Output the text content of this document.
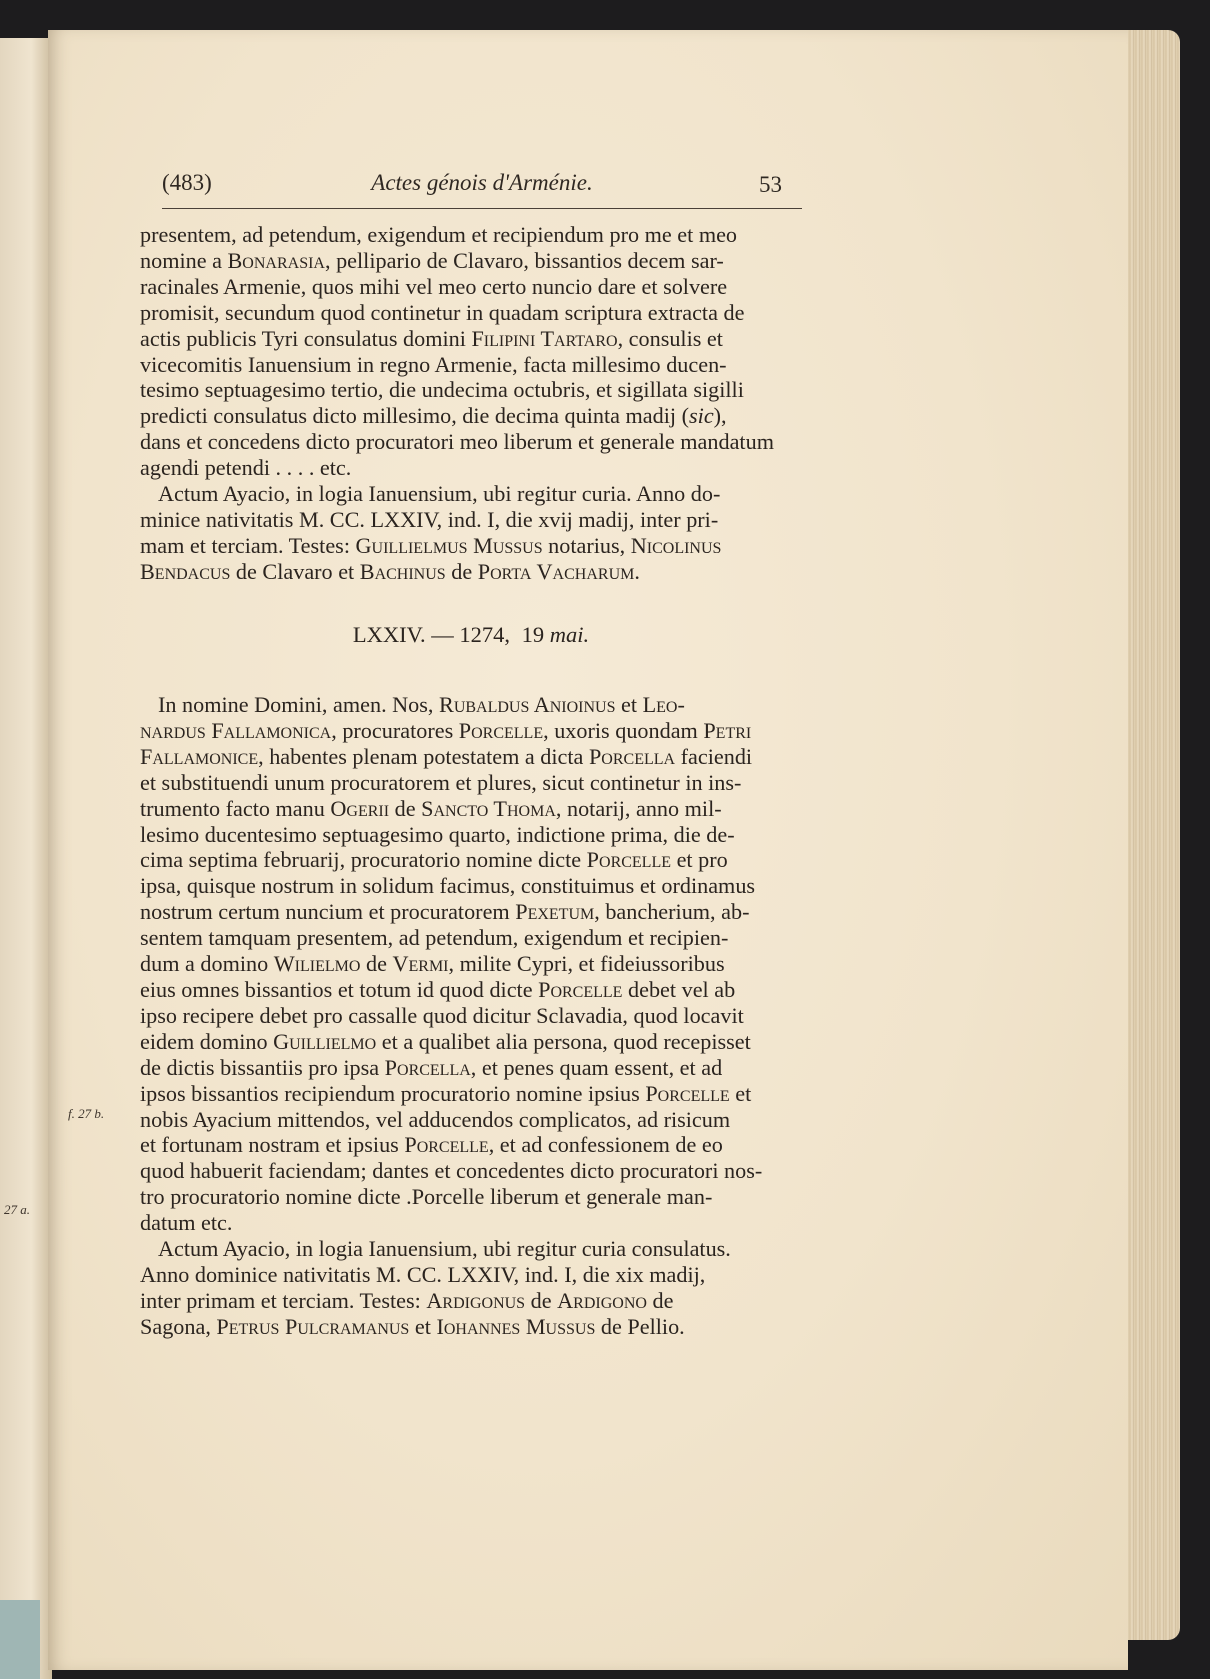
f. 27 b.
27 a.
(483)	Actes génois d'Arménie.	53

presentem, ad petendum, exigendum et recipiendum pro me et meo

nomine a Bonarasia, pellipario de Clavaro, bissantios decem sar-

racinales Armenie, quos mihi vel meo certo nuncio dare et solvere

promisit, secundum quod continetur in quadam scriptura extracta de

actis publicis Tyri consulatus domini Filipini Tartaro, consulis et

vicecomitis Ianuensium in regno Armenie, facta millesimo ducen-

tesimo septuagesimo tertio, die undecima octubris, et sigillata sigilli

predicti consulatus dicto millesimo, die decima quinta madij (sic),

dans et concedens dicto procuratori meo liberum et generale mandatum

agendi petendi . . . . etc.

Actum Ayacio, in logia Ianuensium, ubi regitur curia. Anno do-

minice nativitatis M. CC. LXXIV, ind. I, die xvij madij, inter pri-

mam et terciam. Testes: Guillielmus Mussus notarius, Nicolinus

Bendacus de Clavaro et Bachinus de Porta Vacharum.

LXXIV. — 1274, 19 mai.

In nomine Domini, amen. Nos, Rubaldus Anioinus et Leo-

nardus Fallamonica, procuratores Porcelle, uxoris quondam Petri

Fallamonice, habentes plenam potestatem a dicta Porcella faciendi

et substituendi unum procuratorem et plures, sicut continetur in ins-

trumento facto manu Ogerii de Sancto Thoma, notarij, anno mil-

lesimo ducentesimo septuagesimo quarto, indictione prima, die de-

cima septima februarij, procuratorio nomine dicte Porcelle et pro

ipsa, quisque nostrum in solidum facimus, constituimus et ordinamus

nostrum certum nuncium et procuratorem Pexetum, bancherium, ab-

sentem tamquam presentem, ad petendum, exigendum et recipien-

dum a domino Wilielmo de Vermi, milite Cypri, et fideiussoribus

eius omnes bissantios et totum id quod dicte Porcelle debet vel ab

ipso recipere debet pro cassalle quod dicitur Sclavadia, quod locavit

eidem domino Guillielmo et a qualibet alia persona, quod recepisset

de dictis bissantiis pro ipsa Porcella, et penes quam essent, et ad

ipsos bissantios recipiendum procuratorio nomine ipsius Porcelle et

nobis Ayacium mittendos, vel adducendos complicatos, ad risicum

et fortunam nostram et ipsius Porcelle, et ad confessionem de eo

quod habuerit faciendam; dantes et concedentes dicto procuratori nos-

tro procuratorio nomine dicte .Porcelle liberum et generale man-

datum etc.

Actum Ayacio, in logia Ianuensium, ubi regitur curia consulatus.

Anno dominice nativitatis M. CC. LXXIV, ind. I, die xix madij,

inter primam et terciam. Testes: Ardigonus de Ardigono de

Sagona, Petrus Pulcramanus et Iohannes Mussus de Pellio.
